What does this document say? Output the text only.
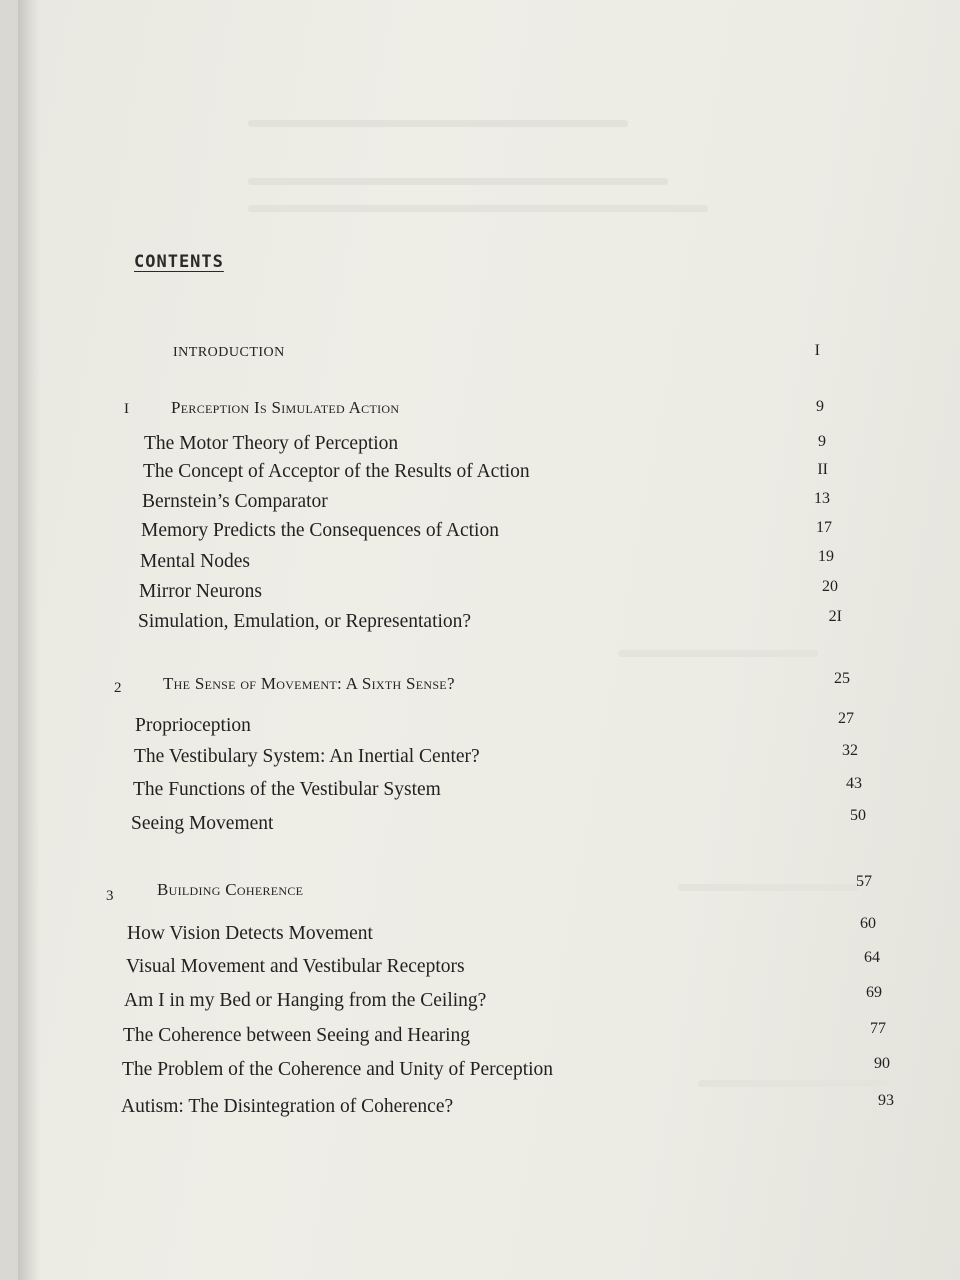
CONTENTS
INTRODUCTION	I
I Perception Is Simulated Action	9
The Motor Theory of Perception	9
The Concept of Acceptor of the Results of Action	II
Bernstein’s Comparator	13
Memory Predicts the Consequences of Action	17
Mental Nodes	19
Mirror Neurons	20
Simulation, Emulation, or Representation?	2I
2 The Sense of Movement: A Sixth Sense?	25
Proprioception	27
The Vestibulary System: An Inertial Center?	32
The Functions of the Vestibular System	43
Seeing Movement	50
3	Building Coherence	57
How Vision Detects Movement	60
Visual Movement and Vestibular Receptors	64
Am I in my Bed or Hanging from the Ceiling?	69
The Coherence between Seeing and Hearing	77
The Problem of the Coherence and Unity of Perception	90
Autism: The Disintegration of Coherence?	93
